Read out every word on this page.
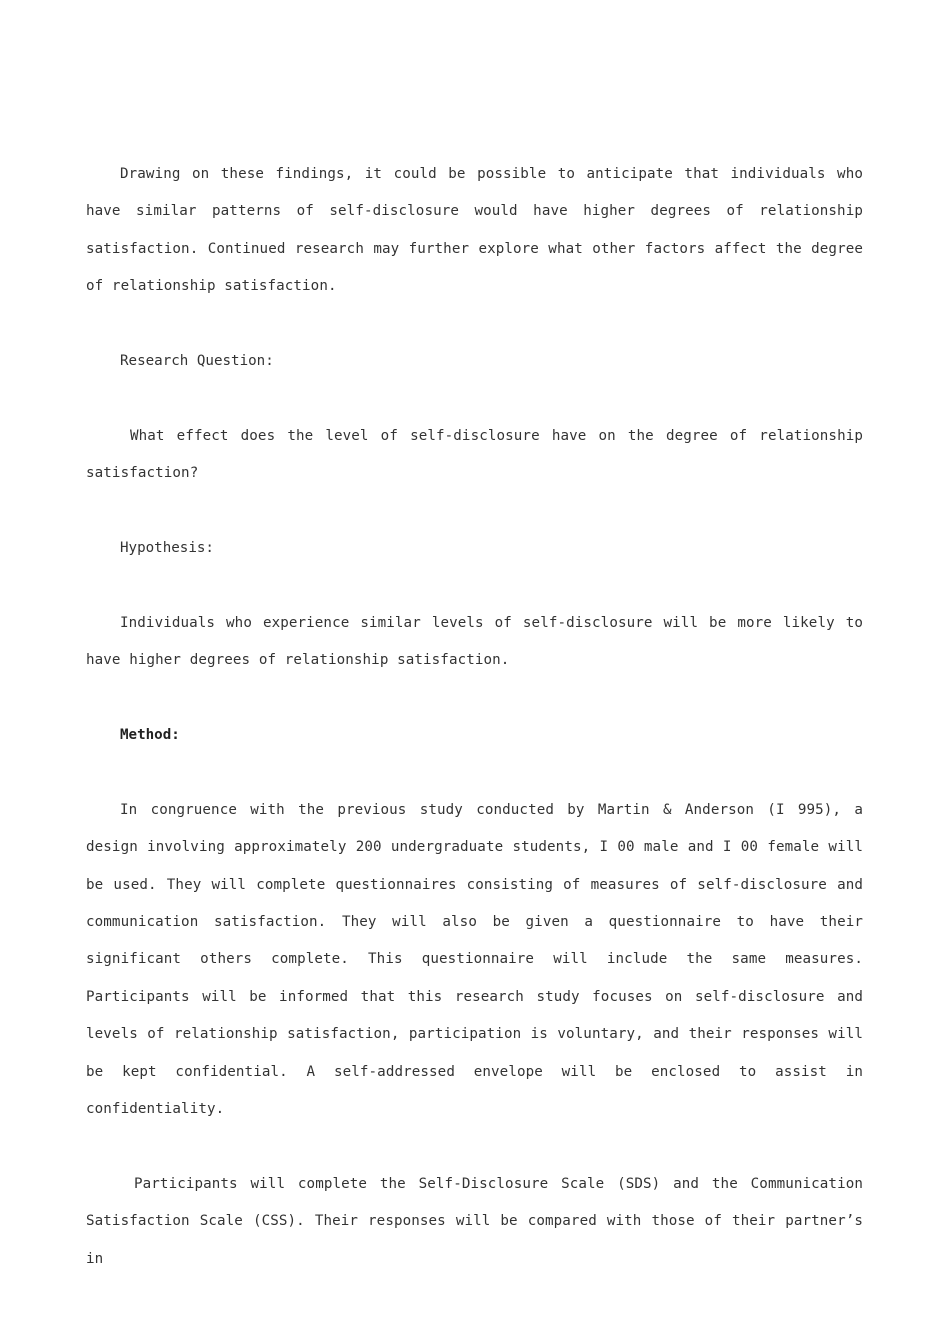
Drawing on these findings, it could be possible to anticipate that individuals who have similar patterns of self-disclosure would have higher degrees of relationship satisfaction. Continued research may further explore what other factors affect the degree of relationship satisfaction.

Research Question:

What effect does the level of self-disclosure have on the degree of relationship satisfaction?

Hypothesis:

Individuals who experience similar levels of self-disclosure will be more likely to have higher degrees of relationship satisfaction.

Method:

In congruence with the previous study conducted by Martin & Anderson (I 995), a design involving approximately 200 undergraduate students, I 00 male and I 00 female will be used. They will complete questionnaires consisting of measures of self-disclosure and communication satisfaction. They will also be given a questionnaire to have their significant others complete. This questionnaire will include the same measures. Participants will be informed that this research study focuses on self-disclosure and levels of relationship satisfaction, participation is voluntary, and their responses will be kept confidential. A self-addressed envelope will be enclosed to assist in confidentiality.

Participants will complete the Self-Disclosure Scale (SDS) and the Communication Satisfaction Scale (CSS). Their responses will be compared with those of their partner’s in
